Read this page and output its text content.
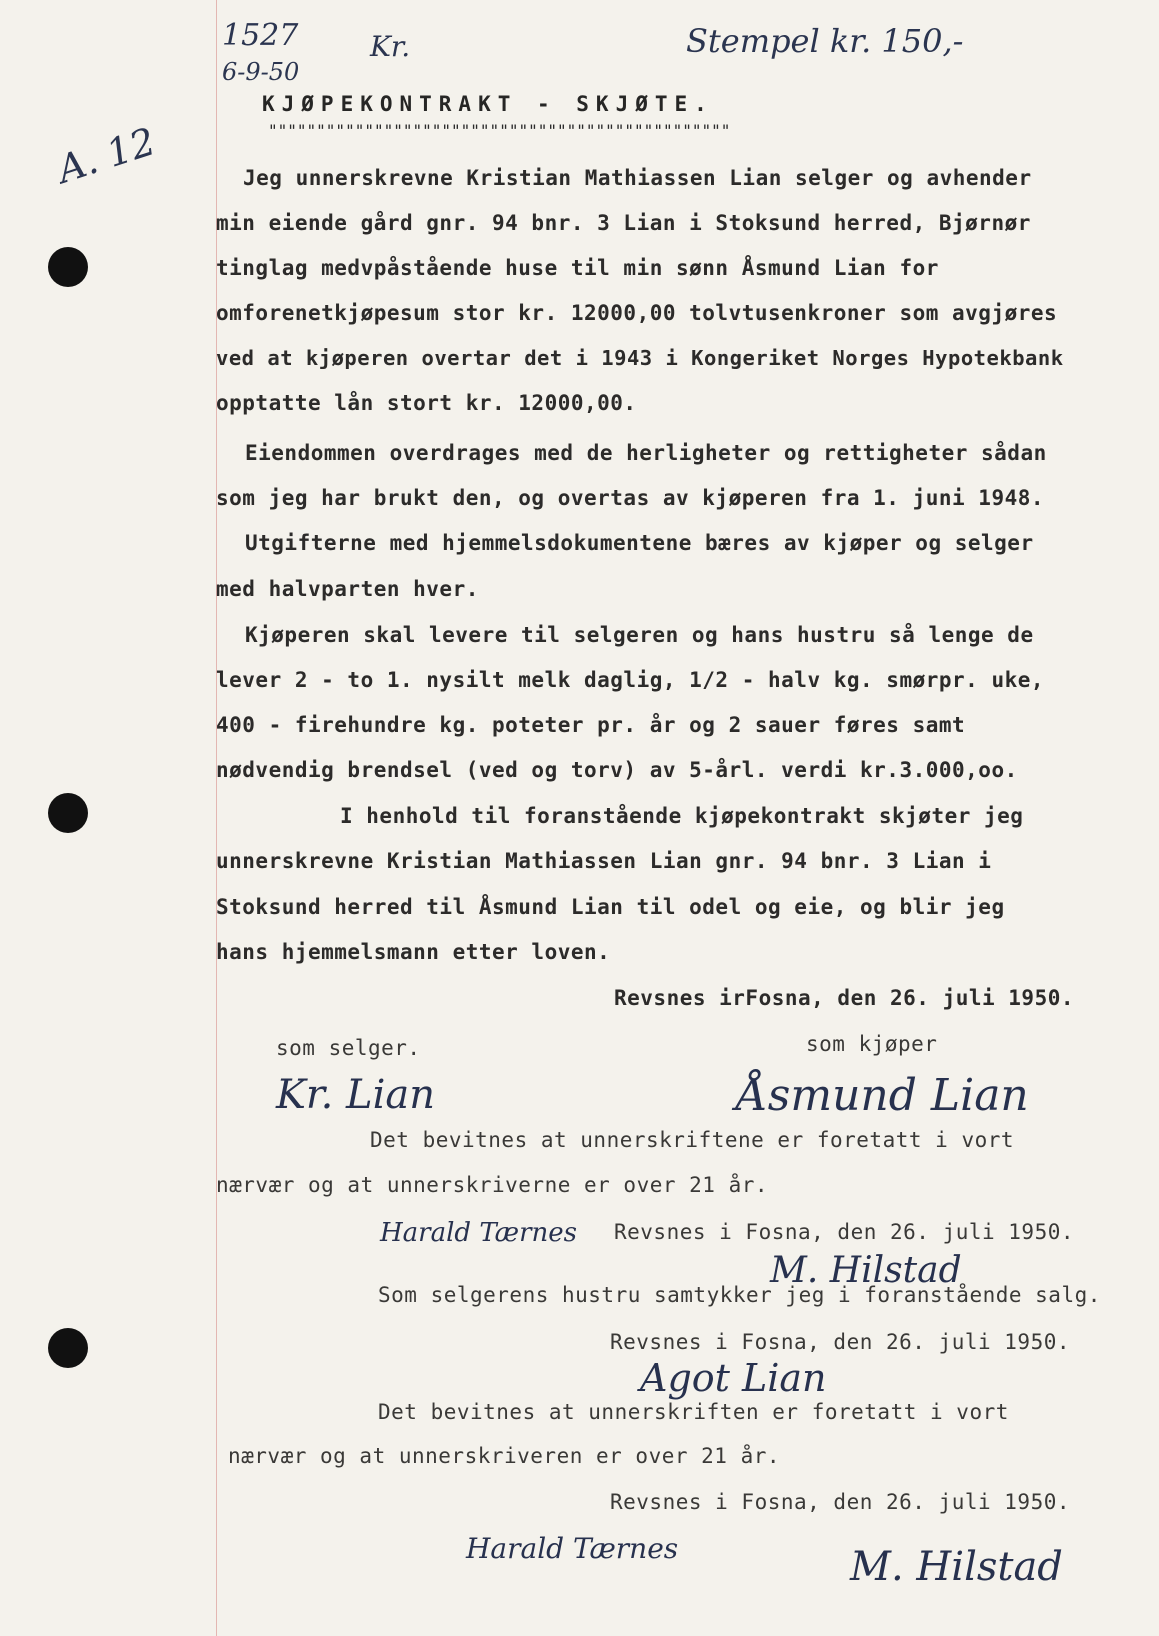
1527
6-9-50
Kr.	Stempel kr. 150,-
A. 12
KJØPEKONTRAKT - SKJØTE.
""""""""""""""""""""""""""""""""""""""""""""""""
Jeg unnerskrevne Kristian Mathiassen Lian selger og avhender
min eiende gård gnr. 94 bnr. 3 Lian i Stoksund herred, Bjørnør
tinglag medvpåstående huse til min sønn Åsmund Lian for
omforenetkjøpesum stor kr. 12000,00 tolvtusenkroner som avgjøres
ved at kjøperen overtar det i 1943 i Kongeriket Norges Hypotekbank
opptatte lån stort kr. 12000,00.
Eiendommen overdrages med de herligheter og rettigheter sådan
som jeg har brukt den, og overtas av kjøperen fra 1. juni 1948.
Utgifterne med hjemmelsdokumentene bæres av kjøper og selger
med halvparten hver.
Kjøperen skal levere til selgeren og hans hustru så lenge de
lever 2 - to 1. nysilt melk daglig, 1/2 - halv kg. smørpr. uke,
400 - firehundre kg. poteter pr. år og 2 sauer føres samt
nødvendig brendsel (ved og torv) av 5-årl. verdi kr.3.000,oo.
I henhold til foranstående kjøpekontrakt skjøter jeg
unnerskrevne Kristian Mathiassen Lian gnr. 94 bnr. 3 Lian i
Stoksund herred til Åsmund Lian til odel og eie, og blir jeg
hans hjemmelsmann etter loven.
Revsnes irFosna, den 26. juli 1950.
som selger.	som kjøper
Kr. Lian	Åsmund Lian
Det bevitnes at unnerskriftene er foretatt i vort
nærvær og at unnerskriverne er over 21 år.
Harald Tærnes Revsnes i Fosna, den 26. juli 1950.
M. Hilstad
Som selgerens hustru samtykker jeg i foranstående salg.
Revsnes i Fosna, den 26. juli 1950.
Agot Lian
Det bevitnes at unnerskriften er foretatt i vort
nærvær og at unnerskriveren er over 21 år.
Revsnes i Fosna, den 26. juli 1950.
Harald Tærnes	M. Hilstad
